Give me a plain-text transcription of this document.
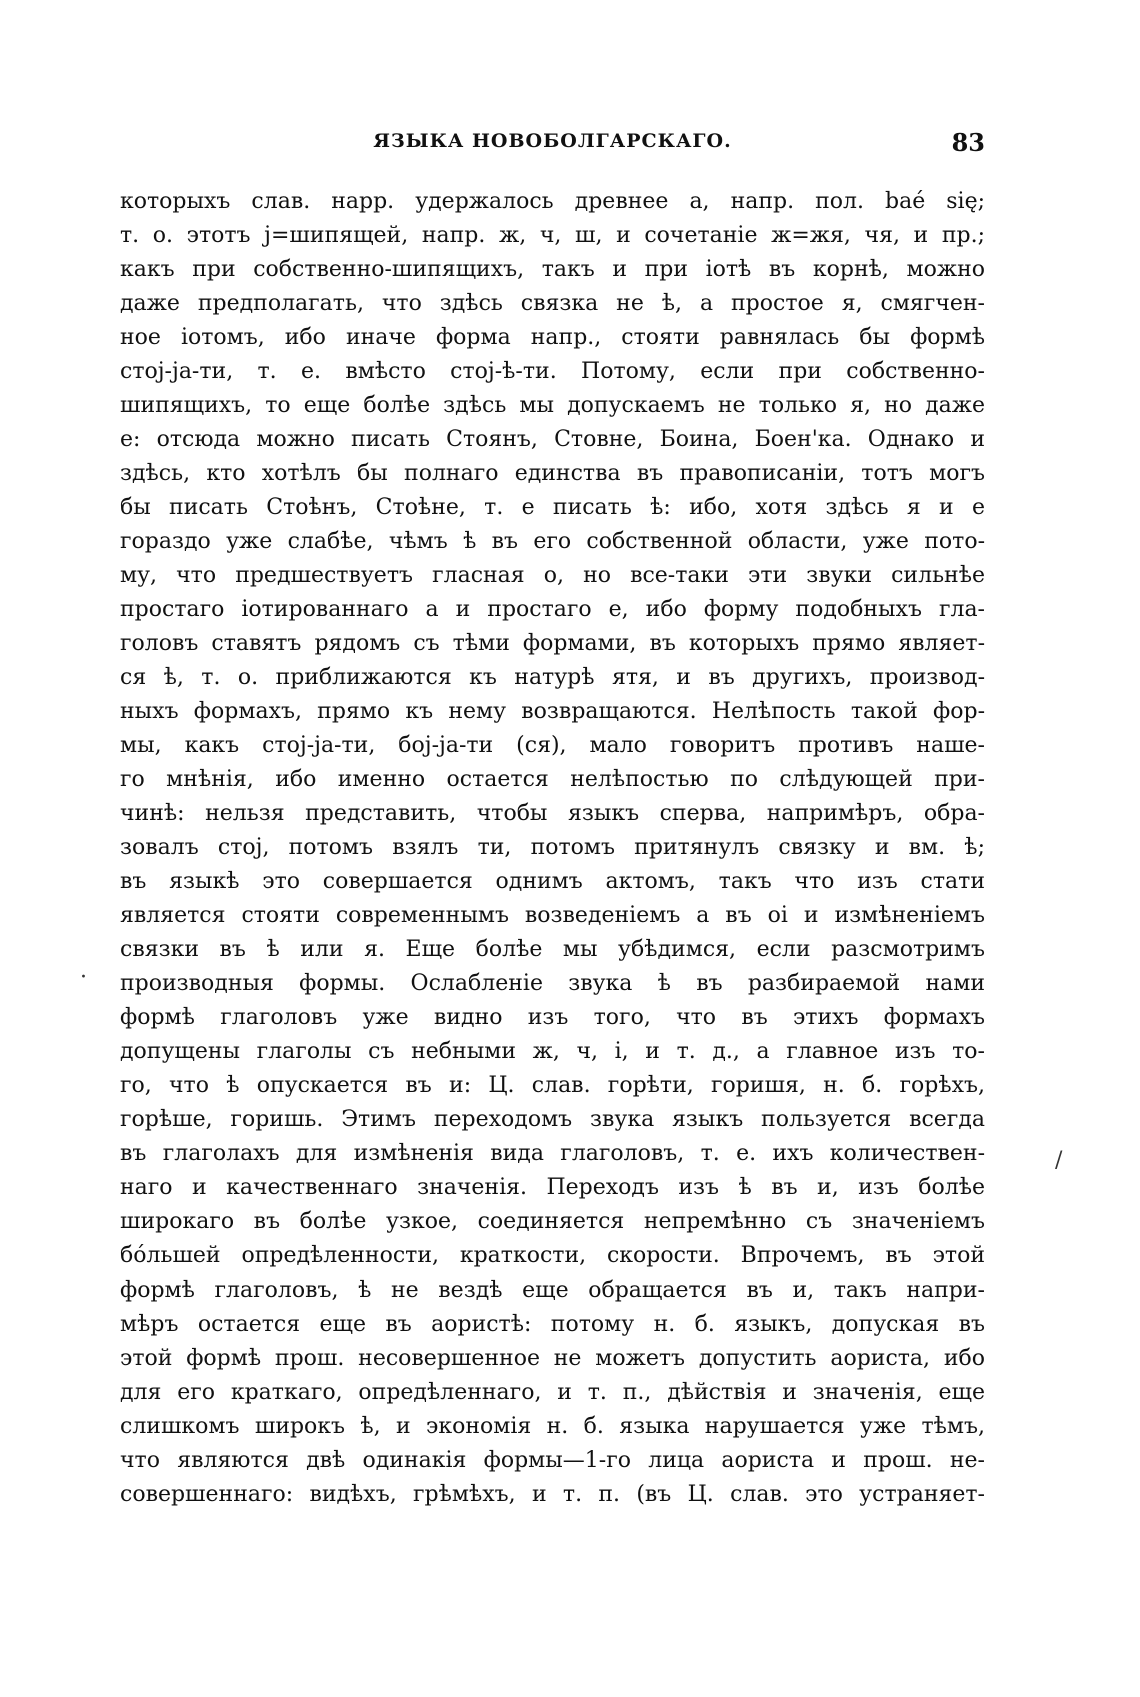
ЯЗЫКА НОВОБОЛГАРСКАГО.	83
которыхъ слав. нарр. удержалось древнее а, напр. пол. baé się;
т. о. этотъ j=шипящей, напр. ж, ч, ш, и сочетаніе ж=жя, чя, и пр.;
какъ при собственно-шипящихъ, такъ и при іотѣ въ корнѣ, можно
даже предполагать, что здѣсь связка не ѣ, а простое я, смягчен-
ное іотомъ, ибо иначе форма напр., стояти равнялась бы формѣ
стој-ја-ти, т. е. вмѣсто стој-ѣ-ти. Потому, если при собственно-
шипящихъ, то еще болѣе здѣсь мы допускаемъ не только я, но даже
е: отсюда можно писать Стоянъ, Стовне, Боина, Боен'ка. Однако и
здѣсь, кто хотѣлъ бы полнаго единства въ правописаніи, тотъ могъ
бы писать Стоѣнъ, Стоѣне, т. е писать ѣ: ибо, хотя здѣсь я и е
гораздо уже слабѣе, чѣмъ ѣ въ его собственной области, уже пото-
му, что предшествуетъ гласная о, но все-таки эти звуки сильнѣе
простаго іотированнаго а и простаго е, ибо форму подобныхъ гла-
головъ ставятъ рядомъ съ тѣми формами, въ которыхъ прямо являет-
ся ѣ, т. о. приближаются къ натурѣ ятя, и въ другихъ, производ-
ныхъ формахъ, прямо къ нему возвращаются. Нелѣпость такой фор-
мы, какъ стој-ја-ти, бој-ја-ти (ся), мало говоритъ противъ наше-
го мнѣнія, ибо именно остается нелѣпостью по слѣдующей при-
чинѣ: нельзя представить, чтобы языкъ сперва, напримѣръ, обра-
зовалъ стој, потомъ взялъ ти, потомъ притянулъ связку и вм. ѣ;
въ языкѣ это совершается однимъ актомъ, такъ что изъ стати
является стояти современнымъ возведеніемъ а въ оі и измѣненіемъ
связки въ ѣ или я. Еще болѣе мы убѣдимся, если разсмотримъ
производныя формы. Ослабленіе звука ѣ въ разбираемой нами
формѣ глаголовъ уже видно изъ того, что въ этихъ формахъ
допущены глаголы съ небными ж, ч, і, и т. д., а главное изъ то-
го, что ѣ опускается въ и: Ц. слав. горѣти, горишя, н. б. горѣхъ,
горѣше, горишь. Этимъ переходомъ звука языкъ пользуется всегда
въ глаголахъ для измѣненія вида глаголовъ, т. е. ихъ количествен-
наго и качественнаго значенія. Переходъ изъ ѣ въ и, изъ болѣе
широкаго въ болѣе узкое, соединяется непремѣнно съ значеніемъ
бόльшей опредѣленности, краткости, скорости. Впрочемъ, въ этой
формѣ глаголовъ, ѣ не вездѣ еще обращается въ и, такъ напри-
мѣръ остается еще въ аористѣ: потому н. б. языкъ, допуская въ
этой формѣ прош. несовершенное не можетъ допустить аориста, ибо
для его краткаго, опредѣленнаго, и т. п., дѣйствія и значенія, еще
слишкомъ широкъ ѣ, и экономія н. б. языка нарушается уже тѣмъ,
что являются двѣ одинакія формы—1-го лица аориста и прош. не-
совершеннаго: видѣхъ, грѣмѣхъ, и т. п. (въ Ц. слав. это устраняет-
·
/
